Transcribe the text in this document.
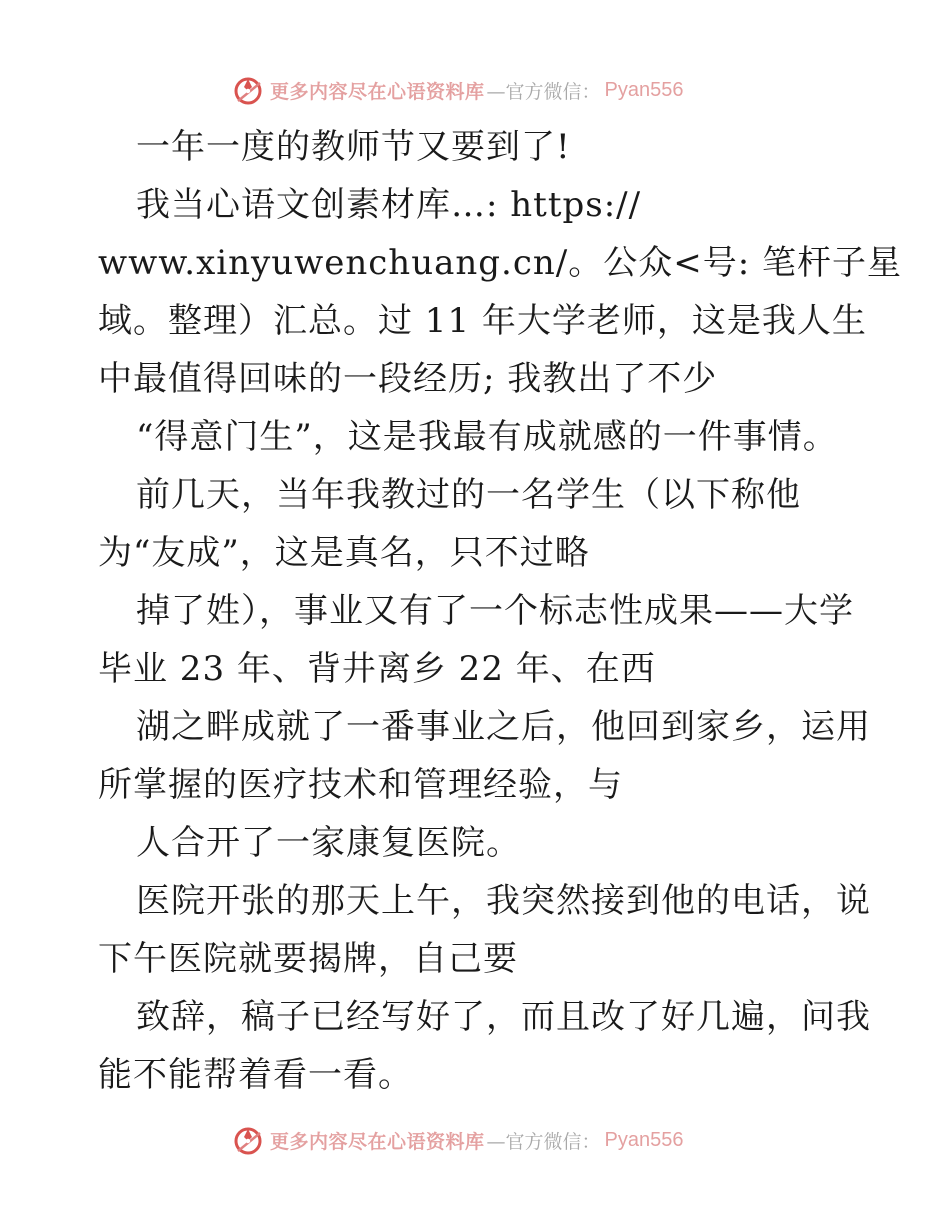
更多内容尽在心语资料库 —官方微信： Pyan556
一年一度的教师节又要到了!
我当心语文创素材库…: https://
www.xinyuwenchuang.cn/。公众<号: 笔杆子星
域。整理）汇总。过 11 年大学老师，这是我人生
中最值得回味的一段经历; 我教出了不少
“得意门生”，这是我最有成就感的一件事情。
前几天，当年我教过的一名学生（以下称他
为“友成”，这是真名，只不过略
掉了姓），事业又有了一个标志性成果——大学
毕业 23 年、背井离乡 22 年、在西
湖之畔成就了一番事业之后，他回到家乡，运用
所掌握的医疗技术和管理经验，与
人合开了一家康复医院。
医院开张的那天上午，我突然接到他的电话，说
下午医院就要揭牌，自己要
致辞，稿子已经写好了，而且改了好几遍，问我
能不能帮着看一看。
更多内容尽在心语资料库 —官方微信： Pyan556
